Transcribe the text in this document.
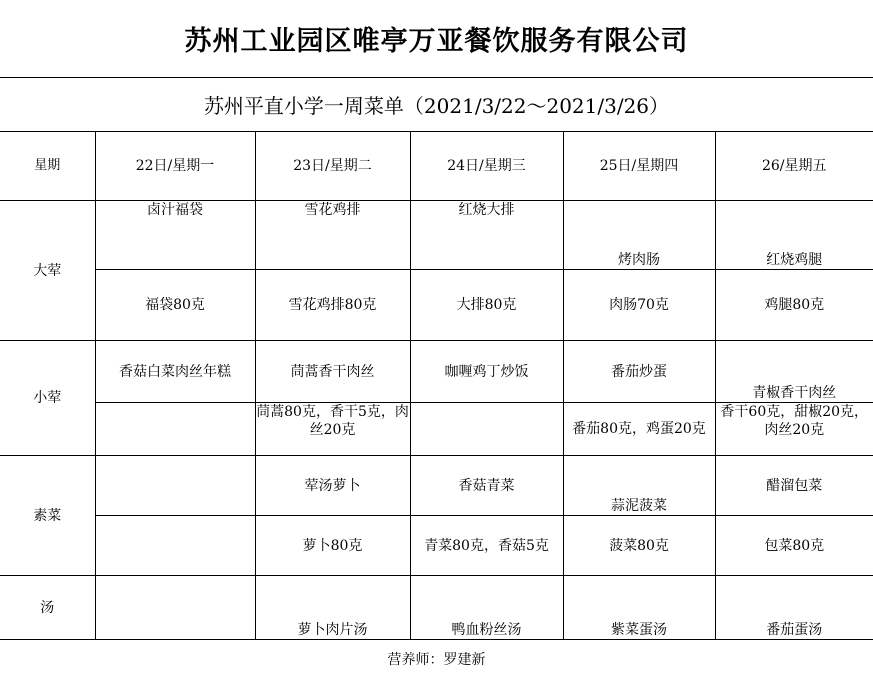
苏州工业园区唯亭万亚餐饮服务有限公司
苏州平直小学一周菜单（2021/3/22～2021/3/26）
星期	22日/星期一	23日/星期二	24日/星期三	25日/星期四	26/星期五
大荤	卤汁福袋	雪花鸡排	红烧大排	烤肉肠	红烧鸡腿
	福袋80克	雪花鸡排80克	大排80克	肉肠70克	鸡腿80克
小荤	香菇白菜肉丝年糕	茼蒿香干肉丝	咖喱鸡丁炒饭	番茄炒蛋	青椒香干肉丝
		茼蒿80克，香干5克，肉丝20克		番茄80克，鸡蛋20克	香干60克，甜椒20克，肉丝20克
素菜		荤汤萝卜	香菇青菜	蒜泥菠菜	醋溜包菜
		萝卜80克	青菜80克，香菇5克	菠菜80克	包菜80克
汤		萝卜肉片汤	鸭血粉丝汤	紫菜蛋汤	番茄蛋汤
营养师：罗建新
